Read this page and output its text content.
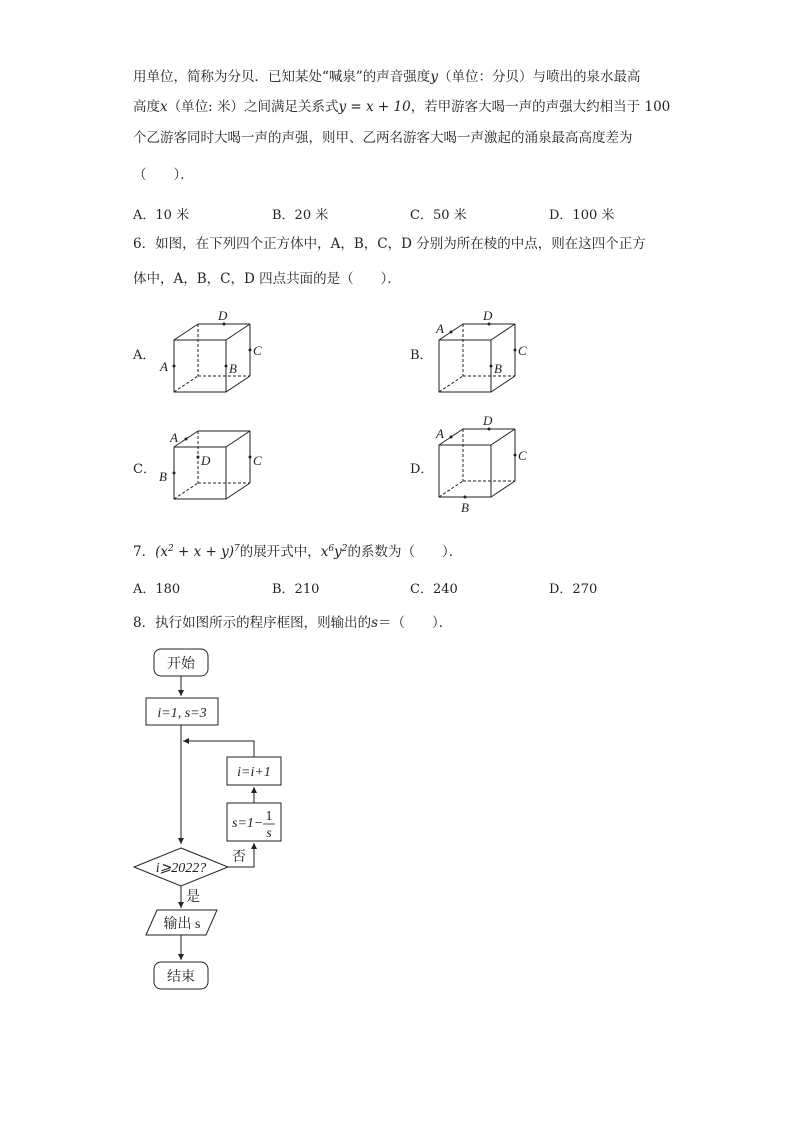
用单位，简称为分贝．已知某处“喊泉”的声音强度y（单位：分贝）与喷出的泉水最高
高度x（单位: 米）之间满足关系式y = x + 10，若甲游客大喝一声的声强大约相当于 100
个乙游客同时大喝一声的声强，则甲、乙两名游客大喝一声激起的涌泉最高高度差为
（　　）．
A．10 米	B．20 米	C．50 米	D．100 米
6．如图，在下列四个正方体中，A，B，C，D 分别为所在棱的中点，则在这四个正方
体中，A，B，C，D 四点共面的是（　　）．
A．	B．
C．	D．
D
C
A	B
A
D
C
B
A
B
D	C
A
D
C
B
7．$(x^2 + x + y)^7$的展开式中，$x^6y^2$的系数为（　　）．
A．180	B．210	C．240	D．270
8．执行如图所示的程序框图，则输出的s＝（　　）．
开始
i=1, s=3
i=i+1
s=1− 1
s
i⩾2022?
否
是
输出 s
结束
